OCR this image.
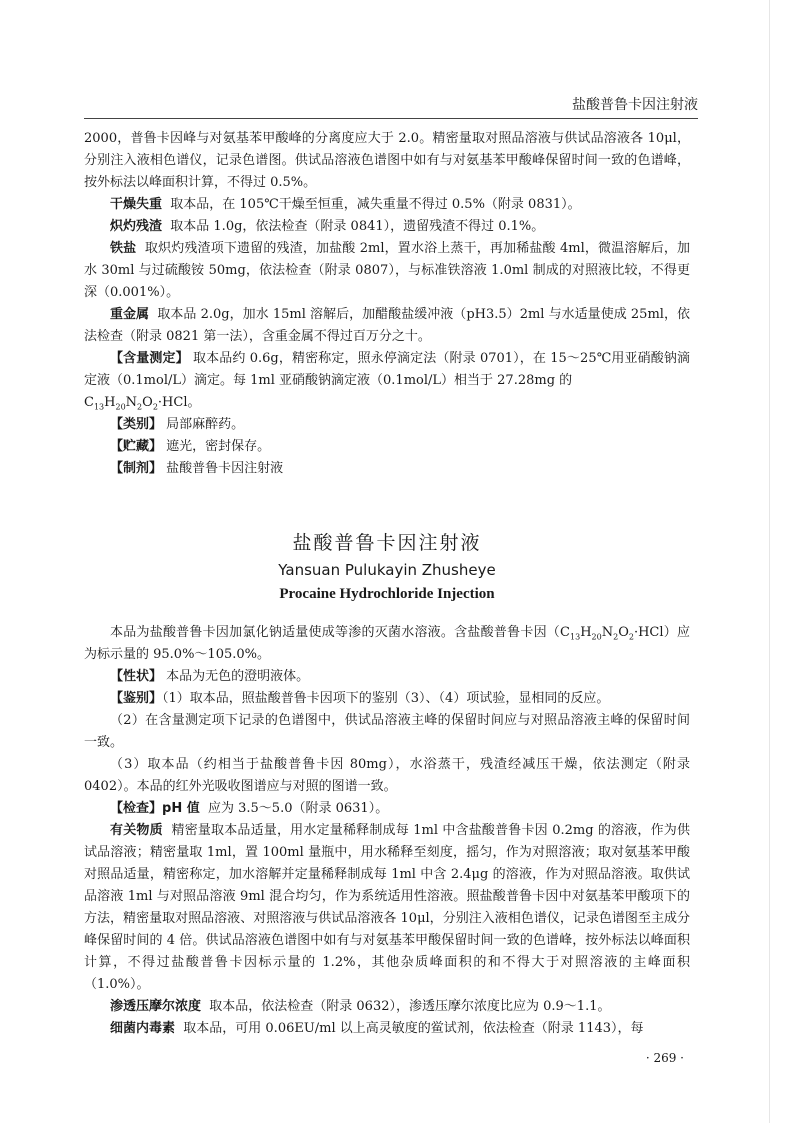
盐酸普鲁卡因注射液

2000，普鲁卡因峰与对氨基苯甲酸峰的分离度应大于 2.0。精密量取对照品溶液与供试品溶液各 10μl，分别注入液相色谱仪，记录色谱图。供试品溶液色谱图中如有与对氨基苯甲酸峰保留时间一致的色谱峰，按外标法以峰面积计算，不得过 0.5%。

干燥失重 取本品，在 105℃干燥至恒重，减失重量不得过 0.5%（附录 0831）。

炽灼残渣 取本品 1.0g，依法检查（附录 0841），遗留残渣不得过 0.1%。

铁盐 取炽灼残渣项下遗留的残渣，加盐酸 2ml，置水浴上蒸干，再加稀盐酸 4ml，微温溶解后，加水 30ml 与过硫酸铵 50mg，依法检查（附录 0807），与标准铁溶液 1.0ml 制成的对照液比较，不得更深（0.001%）。

重金属 取本品 2.0g，加水 15ml 溶解后，加醋酸盐缓冲液（pH3.5）2ml 与水适量使成 25ml，依法检查（附录 0821 第一法），含重金属不得过百万分之十。

【含量测定】 取本品约 0.6g，精密称定，照永停滴定法（附录 0701），在 15～25℃用亚硝酸钠滴定液（0.1mol/L）滴定。每 1ml 亚硝酸钠滴定液（0.1mol/L）相当于 27.28mg 的

$C_{13}H_{20}N_2O_2\cdot HCl$。

【类别】 局部麻醉药。

【贮藏】 遮光，密封保存。

【制剂】 盐酸普鲁卡因注射液

盐酸普鲁卡因注射液

Yansuan Pulukayin Zhusheye

Procaine Hydrochloride Injection

本品为盐酸普鲁卡因加氯化钠适量使成等渗的灭菌水溶液。含盐酸普鲁卡因$(C_{13}H_{20}N_2O_2\cdot HCl)$应为标示量的 95.0%～105.0%。

【性状】 本品为无色的澄明液体。

【鉴别】（1）取本品，照盐酸普鲁卡因项下的鉴别（3）、（4）项试验，显相同的反应。

（2）在含量测定项下记录的色谱图中，供试品溶液主峰的保留时间应与对照品溶液主峰的保留时间一致。

（3）取本品（约相当于盐酸普鲁卡因 80mg），水浴蒸干，残渣经减压干燥，依法测定（附录 0402）。本品的红外光吸收图谱应与对照的图谱一致。

【检查】pH 值 应为 3.5～5.0（附录 0631）。

有关物质 精密量取本品适量，用水定量稀释制成每 1ml 中含盐酸普鲁卡因 0.2mg 的溶液，作为供试品溶液；精密量取 1ml，置 100ml 量瓶中，用水稀释至刻度，摇匀，作为对照溶液；取对氨基苯甲酸对照品适量，精密称定，加水溶解并定量稀释制成每 1ml 中含 2.4μg 的溶液，作为对照品溶液。取供试品溶液 1ml 与对照品溶液 9ml 混合均匀，作为系统适用性溶液。照盐酸普鲁卡因中对氨基苯甲酸项下的方法，精密量取对照品溶液、对照溶液与供试品溶液各 10μl，分别注入液相色谱仪，记录色谱图至主成分峰保留时间的 4 倍。供试品溶液色谱图中如有与对氨基苯甲酸保留时间一致的色谱峰，按外标法以峰面积计算，不得过盐酸普鲁卡因标示量的 1.2%，其他杂质峰面积的和不得大于对照溶液的主峰面积（1.0%）。

渗透压摩尔浓度 取本品，依法检查（附录 0632），渗透压摩尔浓度比应为 0.9～1.1。

细菌内毒素 取本品，可用 0.06EU/ml 以上高灵敏度的鲎试剂，依法检查（附录 1143），每

· 269 ·
